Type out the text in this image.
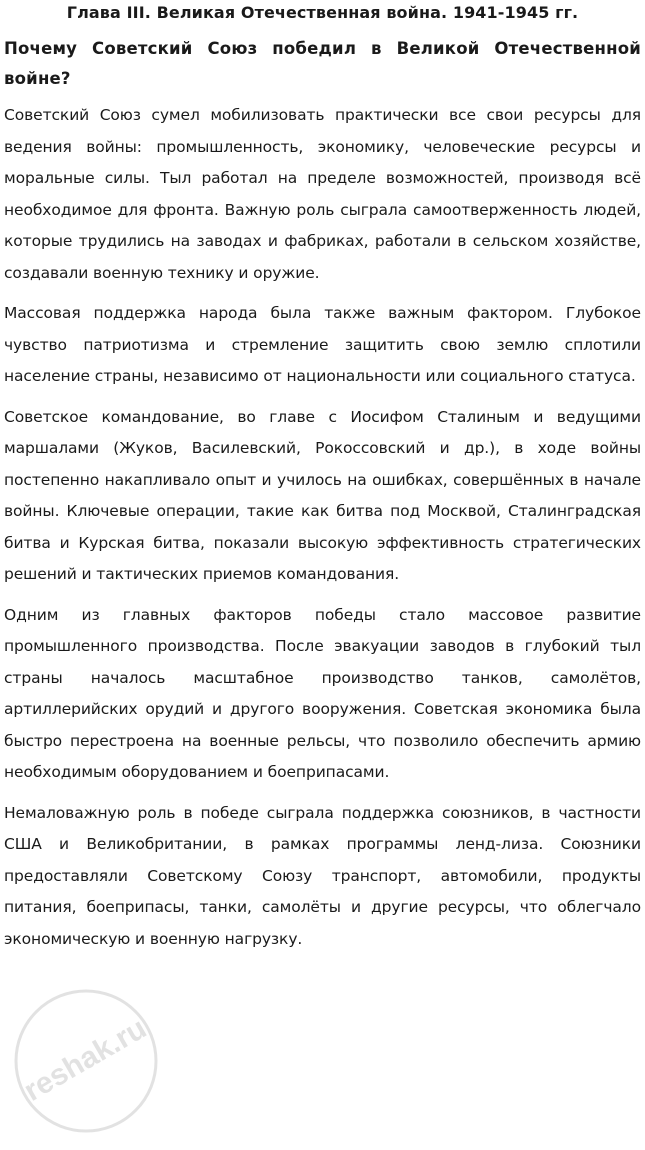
Глава III. Великая Отечественная война. 1941-1945 гг.
Почему Советский Союз победил в Великой Отечественной войне?

Советский Союз сумел мобилизовать практически все свои ресурсы для ведения войны: промышленность, экономику, человеческие ресурсы и моральные силы. Тыл работал на пределе возможностей, производя всё необходимое для фронта. Важную роль сыграла самоотверженность людей, которые трудились на заводах и фабриках, работали в сельском хозяйстве, создавали военную технику и оружие.

Массовая поддержка народа была также важным фактором. Глубокое чувство патриотизма и стремление защитить свою землю сплотили население страны, независимо от национальности или социального статуса.

Советское командование, во главе с Иосифом Сталиным и ведущими маршалами (Жуков, Василевский, Рокоссовский и др.), в ходе войны постепенно накапливало опыт и училось на ошибках, совершённых в начале войны. Ключевые операции, такие как битва под Москвой, Сталинградская битва и Курская битва, показали высокую эффективность стратегических решений и тактических приемов командования.

Одним из главных факторов победы стало массовое развитие промышленного производства. После эвакуации заводов в глубокий тыл страны началось масштабное производство танков, самолётов, артиллерийских орудий и другого вооружения. Советская экономика была быстро перестроена на военные рельсы, что позволило обеспечить армию необходимым оборудованием и боеприпасами.

Немаловажную роль в победе сыграла поддержка союзников, в частности США и Великобритании, в рамках программы ленд-лиза. Союзники предоставляли Советскому Союзу транспорт, автомобили, продукты питания, боеприпасы, танки, самолёты и другие ресурсы, что облегчало экономическую и военную нагрузку.

reshak.ru
